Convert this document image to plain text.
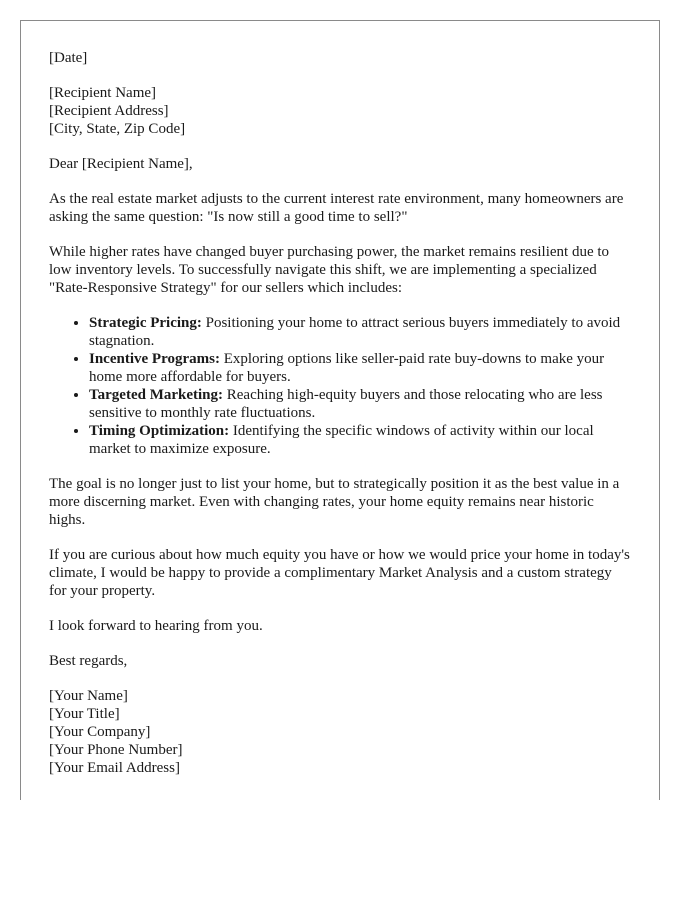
[Date]
[Recipient Name]
[Recipient Address]
[City, State, Zip Code]

Dear [Recipient Name],

As the real estate market adjusts to the current interest rate environment, many homeowners are asking the same question: "Is now still a good time to sell?"

While higher rates have changed buyer purchasing power, the market remains resilient due to low inventory levels. To successfully navigate this shift, we are implementing a specialized "Rate-Responsive Strategy" for our sellers which includes:

• Strategic Pricing: Positioning your home to attract serious buyers immediately to avoid stagnation.
• Incentive Programs: Exploring options like seller-paid rate buy-downs to make your home more affordable for buyers.
• Targeted Marketing: Reaching high-equity buyers and those relocating who are less sensitive to monthly rate fluctuations.
• Timing Optimization: Identifying the specific windows of activity within our local market to maximize exposure.

The goal is no longer just to list your home, but to strategically position it as the best value in a more discerning market. Even with changing rates, your home equity remains near historic highs.

If you are curious about how much equity you have or how we would price your home in today's climate, I would be happy to provide a complimentary Market Analysis and a custom strategy for your property.

I look forward to hearing from you.

Best regards,

[Your Name]
[Your Title]
[Your Company]
[Your Phone Number]
[Your Email Address]
